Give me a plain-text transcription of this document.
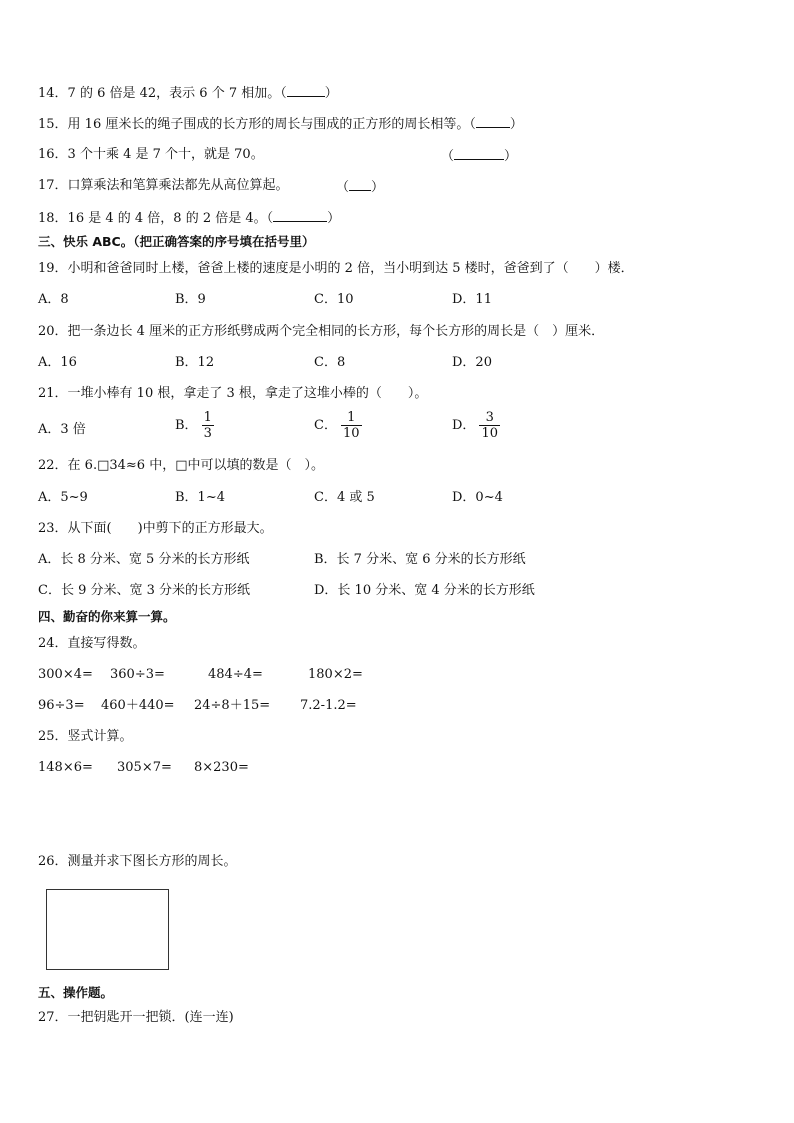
14．7 的 6 倍是 42，表示 6 个 7 相加。（	）
15．用 16 厘米长的绳子围成的长方形的周长与围成的正方形的周长相等。（	）
16．3 个十乘 4 是 7 个十，就是 70。	（	）
17．口算乘法和笔算乘法都先从高位算起。	（ ）
18．16 是 4 的 4 倍，8 的 2 倍是 4。（	）
三、快乐 ABC。（把正确答案的序号填在括号里）
19．小明和爸爸同时上楼，爸爸上楼的速度是小明的 2 倍，当小明到达 5 楼时，爸爸到了（　　）楼．
A．8	B．9	C．10	D．11
20．把一条边长 4 厘米的正方形纸劈成两个完全相同的长方形，每个长方形的周长是（　）厘米．
A．16	B．12	C．8	D．20
21．一堆小棒有 10 根，拿走了 3 根，拿走了这堆小棒的（　　）。
A．3 倍	B． $\frac{1}{3}$	C． $\frac{1}{10}$	D． $\frac{3}{10}$
22．在 6.□34≈6 中，□中可以填的数是（　）。
A．5~9	B．1~4	C．4 或 5	D．0~4
23．从下面(　　)中剪下的正方形最大。
A．长 8 分米、宽 5 分米的长方形纸	B．长 7 分米、宽 6 分米的长方形纸
C．长 9 分米、宽 3 分米的长方形纸	D．长 10 分米、宽 4 分米的长方形纸
四、勤奋的你来算一算。
24．直接写得数。
300×4= 360÷3=	484÷4=	180×2=
96÷3= 460＋440= 24÷8＋15= 7.2-1.2=
25．竖式计算。
148×6= 305×7= 8×230=
26．测量并求下图长方形的周长。
五、操作题。
27．一把钥匙开一把锁．(连一连)
